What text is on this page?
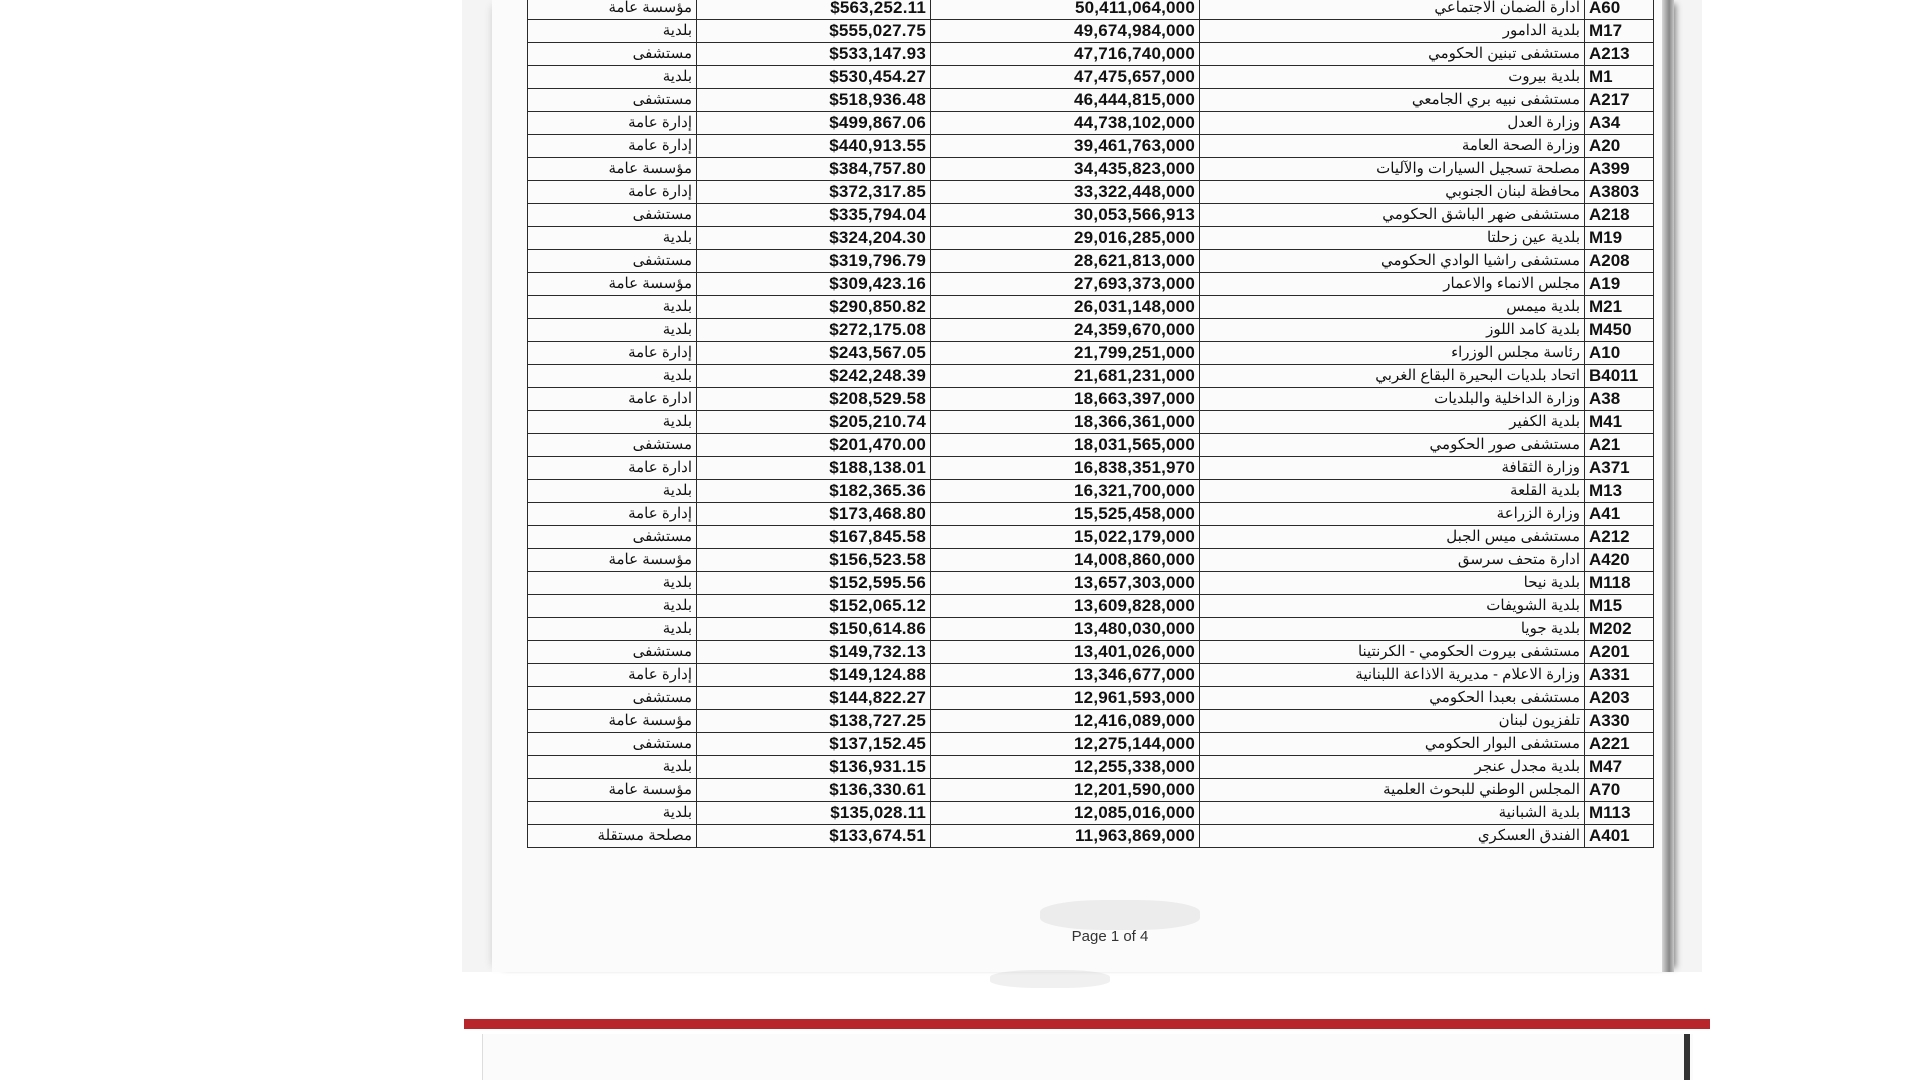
مؤسسة عامة	$563,252.11	50,411,064,000	ادارة الضمان الاجتماعي	A60
بلدية	$555,027.75	49,674,984,000	بلدية الدامور	M17
مستشفى	$533,147.93	47,716,740,000	مستشفى تبنين الحكومي	A213
بلدية	$530,454.27	47,475,657,000	بلدية بيروت	M1
مستشفى	$518,936.48	46,444,815,000	مستشفى نبيه بري الجامعي	A217
إدارة عامة	$499,867.06	44,738,102,000	وزارة العدل	A34
إدارة عامة	$440,913.55	39,461,763,000	وزارة الصحة العامة	A20
مؤسسة عامة	$384,757.80	34,435,823,000	مصلحة تسجيل السيارات والآليات	A399
إدارة عامة	$372,317.85	33,322,448,000	محافظة لبنان الجنوبي	A3803
مستشفى	$335,794.04	30,053,566,913	مستشفى ضهر الباشق الحكومي	A218
بلدية	$324,204.30	29,016,285,000	بلدية عين زحلتا	M19
مستشفى	$319,796.79	28,621,813,000	مستشفى راشيا الوادي الحكومي	A208
مؤسسة عامة	$309,423.16	27,693,373,000	مجلس الانماء والاعمار	A19
بلدية	$290,850.82	26,031,148,000	بلدية ميمس	M21
بلدية	$272,175.08	24,359,670,000	بلدية كامد اللوز	M450
إدارة عامة	$243,567.05	21,799,251,000	رئاسة مجلس الوزراء	A10
بلدية	$242,248.39	21,681,231,000	اتحاد بلديات البحيرة البقاع الغربي	B4011
ادارة عامة	$208,529.58	18,663,397,000	وزارة الداخلية والبلديات	A38
بلدية	$205,210.74	18,366,361,000	بلدية الكفير	M41
مستشفى	$201,470.00	18,031,565,000	مستشفى صور الحكومي	A21
ادارة عامة	$188,138.01	16,838,351,970	وزارة الثقافة	A371
بلدية	$182,365.36	16,321,700,000	بلدية القلعة	M13
إدارة عامة	$173,468.80	15,525,458,000	وزارة الزراعة	A41
مستشفى	$167,845.58	15,022,179,000	مستشفى ميس الجبل	A212
مؤسسة عامة	$156,523.58	14,008,860,000	ادارة متحف سرسق	A420
بلدية	$152,595.56	13,657,303,000	بلدية نيحا	M118
بلدية	$152,065.12	13,609,828,000	بلدية الشويفات	M15
بلدية	$150,614.86	13,480,030,000	بلدية جويا	M202
مستشفى	$149,732.13	13,401,026,000	مستشفى بيروت الحكومي - الكرنتينا	A201
إدارة عامة	$149,124.88	13,346,677,000	وزارة الاعلام - مديرية الاذاعة اللبنانية	A331
مستشفى	$144,822.27	12,961,593,000	مستشفى بعبدا الحكومي	A203
مؤسسة عامة	$138,727.25	12,416,089,000	تلفزيون لبنان	A330
مستشفى	$137,152.45	12,275,144,000	مستشفى البوار الحكومي	A221
بلدية	$136,931.15	12,255,338,000	بلدية مجدل عنجر	M47
مؤسسة عامة	$136,330.61	12,201,590,000	المجلس الوطني للبحوث العلمية	A70
بلدية	$135,028.11	12,085,016,000	بلدية الشبانية	M113
مصلحة مستقلة	$133,674.51	11,963,869,000	الفندق العسكري	A401
Page 1 of 4
